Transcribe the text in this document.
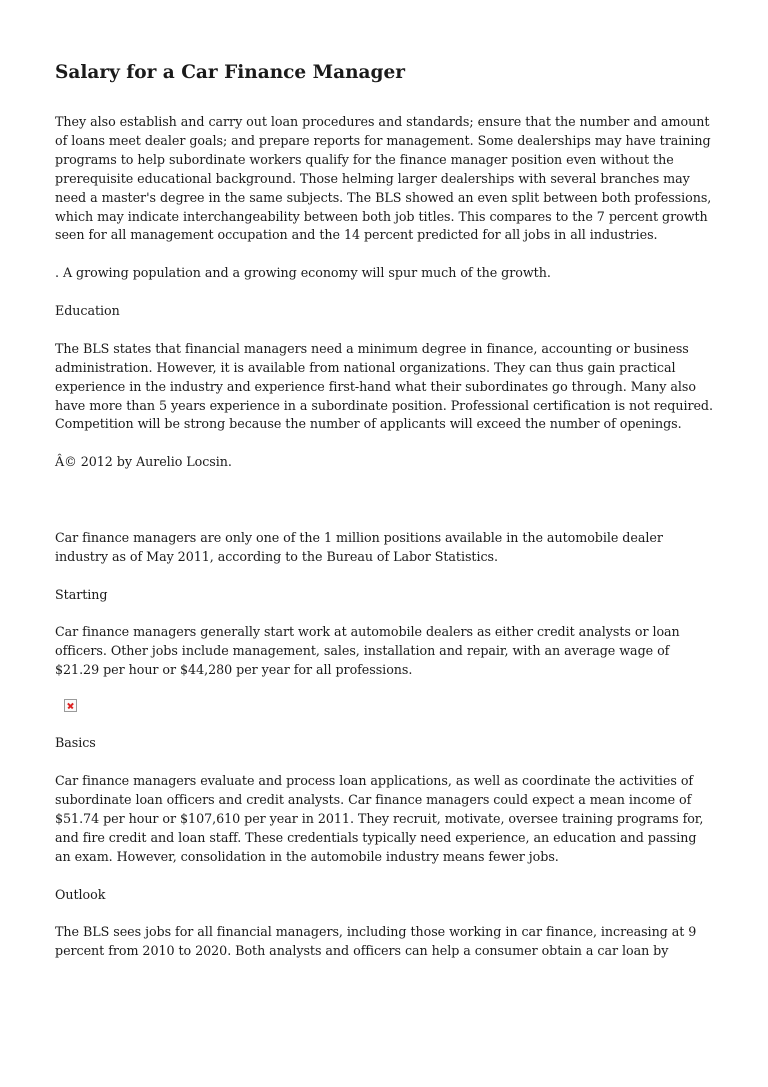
Salary for a Car Finance Manager

They also establish and carry out loan procedures and standards; ensure that the number and amount of loans meet dealer goals; and prepare reports for management. Some dealerships may have training programs to help subordinate workers qualify for the finance manager position even without the prerequisite educational background. Those helming larger dealerships with several branches may need a master's degree in the same subjects. The BLS showed an even split between both professions, which may indicate interchangeability between both job titles. This compares to the 7 percent growth seen for all management occupation and the 14 percent predicted for all jobs in all industries.

. A growing population and a growing economy will spur much of the growth.

Education

The BLS states that financial managers need a minimum degree in finance, accounting or business administration. However, it is available from national organizations. They can thus gain practical experience in the industry and experience first-hand what their subordinates go through. Many also have more than 5 years experience in a subordinate position. Professional certification is not required. Competition will be strong because the number of applicants will exceed the number of openings.

Â© 2012 by Aurelio Locsin.

Car finance managers are only one of the 1 million positions available in the automobile dealer industry as of May 2011, according to the Bureau of Labor Statistics.

Starting

Car finance managers generally start work at automobile dealers as either credit analysts or loan officers. Other jobs include management, sales, installation and repair, with an average wage of $21.29 per hour or $44,280 per year for all professions.

Basics

Car finance managers evaluate and process loan applications, as well as coordinate the activities of subordinate loan officers and credit analysts. Car finance managers could expect a mean income of $51.74 per hour or $107,610 per year in 2011. They recruit, motivate, oversee training programs for, and fire credit and loan staff. These credentials typically need experience, an education and passing an exam. However, consolidation in the automobile industry means fewer jobs.

Outlook

The BLS sees jobs for all financial managers, including those working in car finance, increasing at 9 percent from 2010 to 2020. Both analysts and officers can help a consumer obtain a car loan by
